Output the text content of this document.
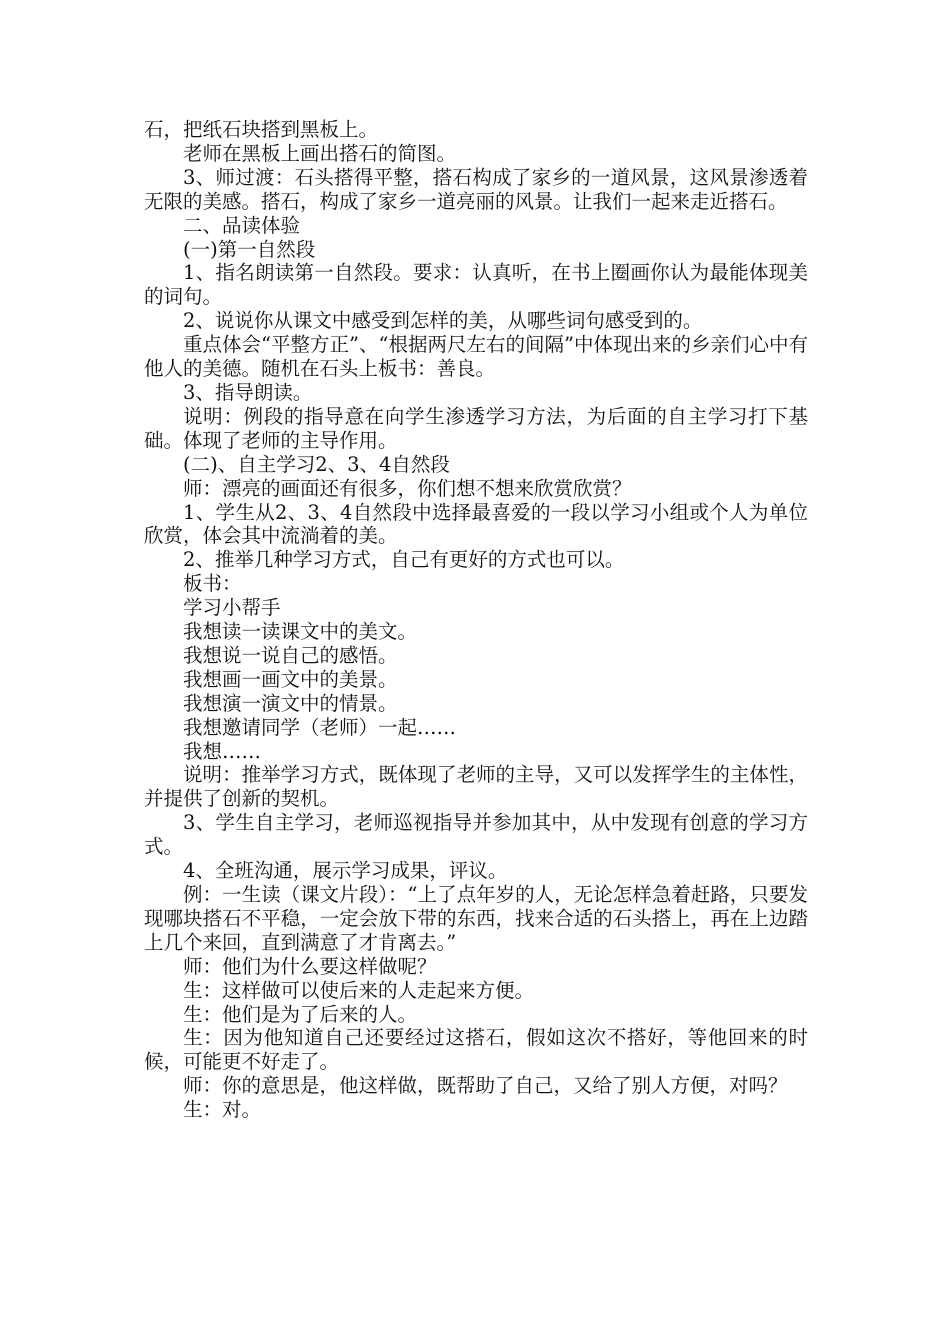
石，把纸石块搭到黑板上。

老师在黑板上画出搭石的简图。

3、师过渡：石头搭得平整，搭石构成了家乡的一道风景，这风景渗透着无限的美感。搭石，构成了家乡一道亮丽的风景。让我们一起来走近搭石。

二、品读体验

(一)第一自然段

1、指名朗读第一自然段。要求：认真听，在书上圈画你认为最能体现美的词句。

2、说说你从课文中感受到怎样的美，从哪些词句感受到的。

重点体会“平整方正”、“根据两尺左右的间隔”中体现出来的乡亲们心中有他人的美德。随机在石头上板书：善良。

3、指导朗读。

说明：例段的指导意在向学生渗透学习方法，为后面的自主学习打下基础。体现了老师的主导作用。

(二)、自主学习2、3、4自然段

师：漂亮的画面还有很多，你们想不想来欣赏欣赏？

1、学生从2、3、4自然段中选择最喜爱的一段以学习小组或个人为单位欣赏，体会其中流淌着的美。

2、推举几种学习方式，自己有更好的方式也可以。

板书：

学习小帮手

我想读一读课文中的美文。

我想说一说自己的感悟。

我想画一画文中的美景。

我想演一演文中的情景。

我想邀请同学（老师）一起……

我想……

说明：推举学习方式，既体现了老师的主导，又可以发挥学生的主体性，并提供了创新的契机。

3、学生自主学习，老师巡视指导并参加其中，从中发现有创意的学习方式。

4、全班沟通，展示学习成果，评议。

例：一生读（课文片段）：“上了点年岁的人，无论怎样急着赶路，只要发现哪块搭石不平稳，一定会放下带的东西，找来合适的石头搭上，再在上边踏上几个来回，直到满意了才肯离去。”

师：他们为什么要这样做呢？

生：这样做可以使后来的人走起来方便。

生：他们是为了后来的人。

生：因为他知道自己还要经过这搭石，假如这次不搭好，等他回来的时候，可能更不好走了。

师：你的意思是，他这样做，既帮助了自己，又给了别人方便，对吗？

生：对。
